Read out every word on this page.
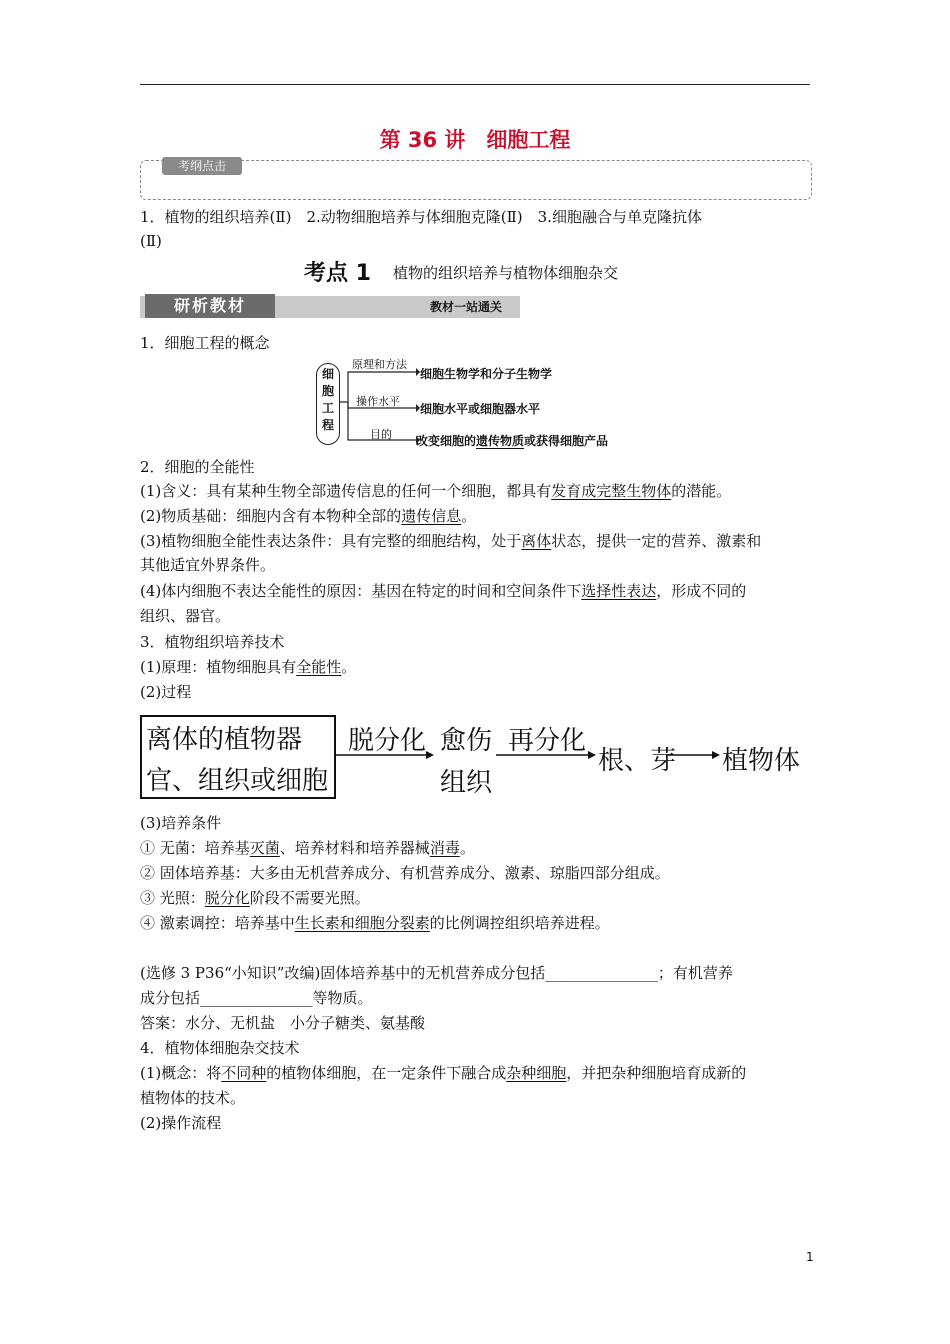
第 36 讲　细胞工程
考纲点击
1．植物的组织培养(Ⅱ)　2.动物细胞培养与体细胞克隆(Ⅱ)　3.细胞融合与单克隆抗体
(Ⅱ)
考点 1 植物的组织培养与植物体细胞杂交
研析教材	教材一站通关
1．细胞工程的概念
细
胞
工
程
原理和方法
细胞生物学和分子生物学
操作水平
细胞水平或细胞器水平
目的 改变细胞的遗传物质或获得细胞产品
2．细胞的全能性
(1)含义：具有某种生物全部遗传信息的任何一个细胞，都具有发育成完整生物体的潜能。
(2)物质基础：细胞内含有本物种全部的遗传信息。
(3)植物细胞全能性表达条件：具有完整的细胞结构，处于离体状态，提供一定的营养、激素和
其他适宜外界条件。
(4)体内细胞不表达全能性的原因：基因在特定的时间和空间条件下选择性表达，形成不同的
组织、器官。
3．植物组织培养技术
(1)原理：植物细胞具有全能性。
(2)过程
离体的植物器
官、组织或细胞
脱分化 愈伤
组织
再分化
根、芽 植物体
(3)培养条件
① 无菌：培养基灭菌、培养材料和培养器械消毒。
② 固体培养基：大多由无机营养成分、有机营养成分、激素、琼脂四部分组成。
③ 光照：脱分化阶段不需要光照。
④ 激素调控：培养基中生长素和细胞分裂素的比例调控组织培养进程。
(选修 3 P36“小知识”改编)固体培养基中的无机营养成分包括_______________；有机营养
成分包括_______________等物质。
答案：水分、无机盐　小分子糖类、氨基酸
4．植物体细胞杂交技术
(1)概念：将不同种的植物体细胞，在一定条件下融合成杂种细胞，并把杂种细胞培育成新的
植物体的技术。
(2)操作流程
1
